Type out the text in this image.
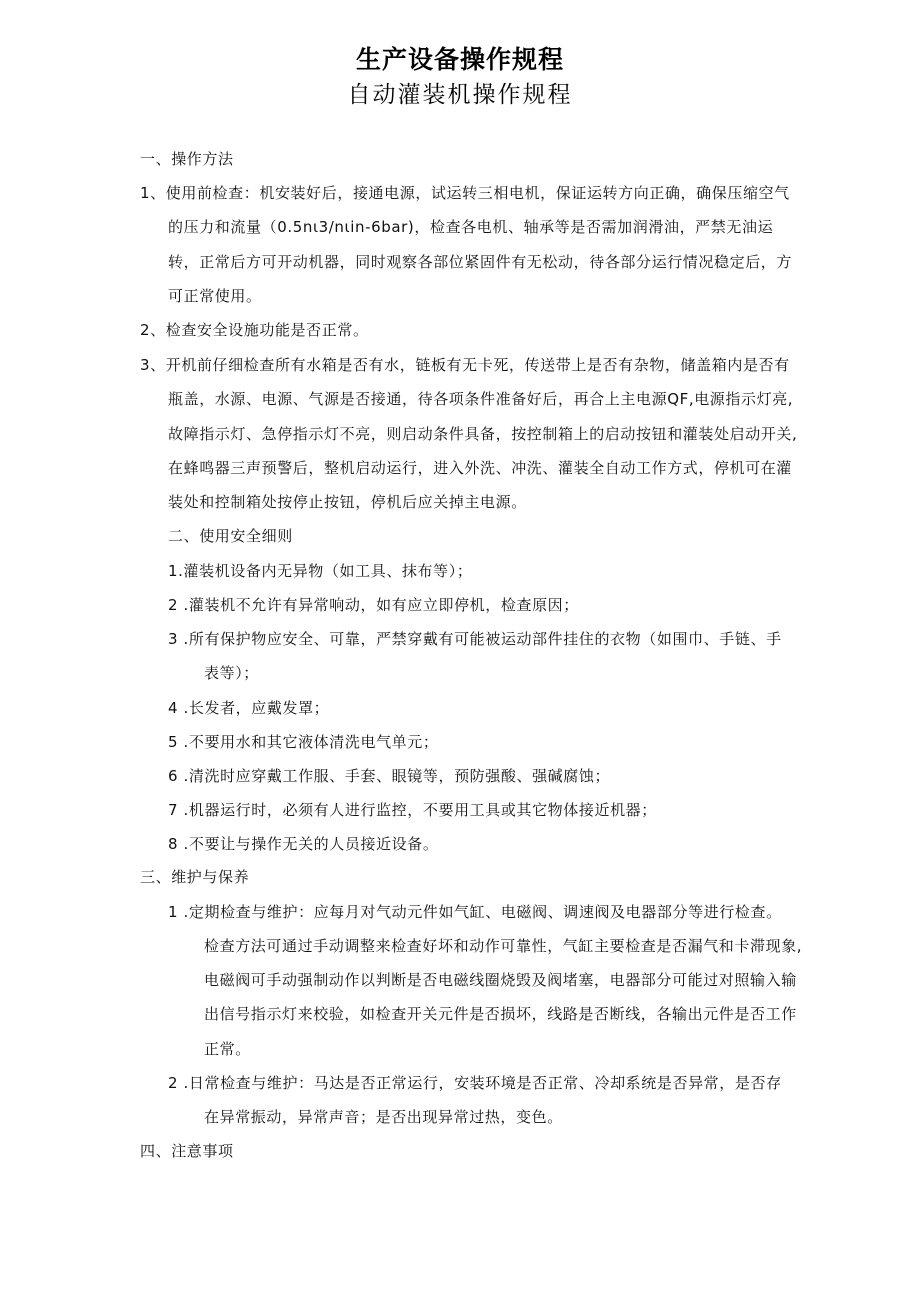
生产设备操作规程
自动灌装机操作规程

一、操作方法

1、使用前检查：机安装好后，接通电源，试运转三相电机，保证运转方向正确，确保压缩空气

的压力和流量（0.5nι3/nιin-6bar)，检查各电机、轴承等是否需加润滑油，严禁无油运

转，正常后方可开动机器，同时观察各部位紧固件有无松动，待各部分运行情况稳定后，方

可正常使用。

2、检查安全设施功能是否正常。

3、开机前仔细检查所有水箱是否有水，链板有无卡死，传送带上是否有杂物，储盖箱内是否有

瓶盖，水源、电源、气源是否接通，待各项条件准备好后，再合上主电源QF,电源指示灯亮,

故障指示灯、急停指示灯不亮，则启动条件具备，按控制箱上的启动按钮和灌装处启动开关,

在蜂鸣器三声预警后，整机启动运行，进入外洗、冲洗、灌装全自动工作方式，停机可在灌

装处和控制箱处按停止按钮，停机后应关掉主电源。

二、使用安全细则

1.灌装机设备内无异物（如工具、抹布等）；

2 .灌装机不允许有异常响动，如有应立即停机，检查原因；

3 .所有保护物应安全、可靠，严禁穿戴有可能被运动部件挂住的衣物（如围巾、手链、手

表等）；

4 .长发者，应戴发罩；

5 .不要用水和其它液体清洗电气单元；

6 .清洗时应穿戴工作服、手套、眼镜等，预防强酸、强碱腐蚀；

7 .机器运行时，必须有人进行监控，不要用工具或其它物体接近机器；

8 .不要让与操作无关的人员接近设备。

三、维护与保养

1 .定期检查与维护：应每月对气动元件如气缸、电磁阀、调速阀及电器部分等进行检查。

检查方法可通过手动调整来检查好坏和动作可靠性，气缸主要检查是否漏气和卡滞现象,

电磁阀可手动强制动作以判断是否电磁线圈烧毁及阀堵塞，电器部分可能过对照输入输

出信号指示灯来校验，如检查开关元件是否损坏，线路是否断线，各输出元件是否工作

正常。

2 .日常检查与维护：马达是否正常运行，安装环境是否正常、冷却系统是否异常，是否存

在异常振动，异常声音；是否出现异常过热，变色。

四、注意事项
